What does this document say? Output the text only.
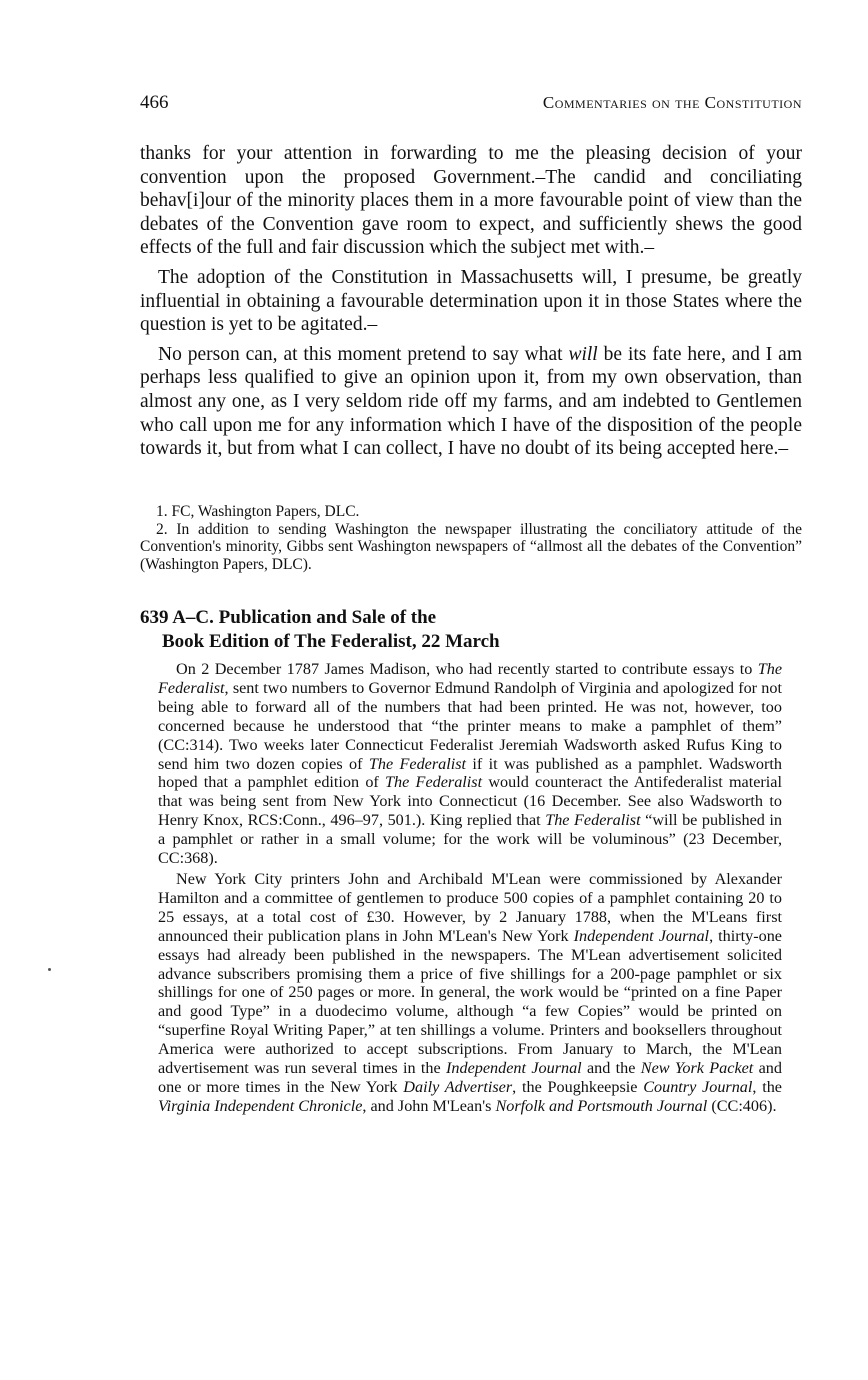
466	Commentaries on the Constitution

thanks for your attention in forwarding to me the pleasing decision of your convention upon the proposed Government.–The candid and conciliating behav[i]our of the minority places them in a more favourable point of view than the debates of the Convention gave room to expect, and sufficiently shews the good effects of the full and fair discussion which the subject met with.–

The adoption of the Constitution in Massachusetts will, I presume, be greatly influential in obtaining a favourable determination upon it in those States where the question is yet to be agitated.–

No person can, at this moment pretend to say what will be its fate here, and I am perhaps less qualified to give an opinion upon it, from my own observation, than almost any one, as I very seldom ride off my farms, and am indebted to Gentlemen who call upon me for any information which I have of the disposition of the people towards it, but from what I can collect, I have no doubt of its being accepted here.–

1. FC, Washington Papers, DLC.

2. In addition to sending Washington the newspaper illustrating the conciliatory attitude of the Convention's minority, Gibbs sent Washington newspapers of “allmost all the debates of the Convention” (Washington Papers, DLC).

639 A–C. Publication and Sale of the
Book Edition of The Federalist, 22 March

On 2 December 1787 James Madison, who had recently started to contribute essays to The Federalist, sent two numbers to Governor Edmund Randolph of Virginia and apologized for not being able to forward all of the numbers that had been printed. He was not, however, too concerned because he understood that “the printer means to make a pamphlet of them” (CC:314). Two weeks later Connecticut Federalist Jeremiah Wadsworth asked Rufus King to send him two dozen copies of The Federalist if it was published as a pamphlet. Wadsworth hoped that a pamphlet edition of The Federalist would counteract the Antifederalist material that was being sent from New York into Connecticut (16 December. See also Wadsworth to Henry Knox, RCS:Conn., 496–97, 501.). King replied that The Federalist “will be published in a pamphlet or rather in a small volume; for the work will be voluminous” (23 December, CC:368).

New York City printers John and Archibald M'Lean were commissioned by Alexander Hamilton and a committee of gentlemen to produce 500 copies of a pamphlet containing 20 to 25 essays, at a total cost of £30. However, by 2 January 1788, when the M'Leans first announced their publication plans in John M'Lean's New York Independent Journal, thirty-one essays had already been published in the newspapers. The M'Lean advertisement solicited advance subscribers promising them a price of five shillings for a 200-page pamphlet or six shillings for one of 250 pages or more. In general, the work would be “printed on a fine Paper and good Type” in a duodecimo volume, although “a few Copies” would be printed on “superfine Royal Writing Paper,” at ten shillings a volume. Printers and booksellers throughout America were authorized to accept subscriptions. From January to March, the M'Lean advertisement was run several times in the Independent Journal and the New York Packet and one or more times in the New York Daily Advertiser, the Poughkeepsie Country Journal, the Virginia Independent Chronicle, and John M'Lean's Norfolk and Portsmouth Journal (CC:406).
